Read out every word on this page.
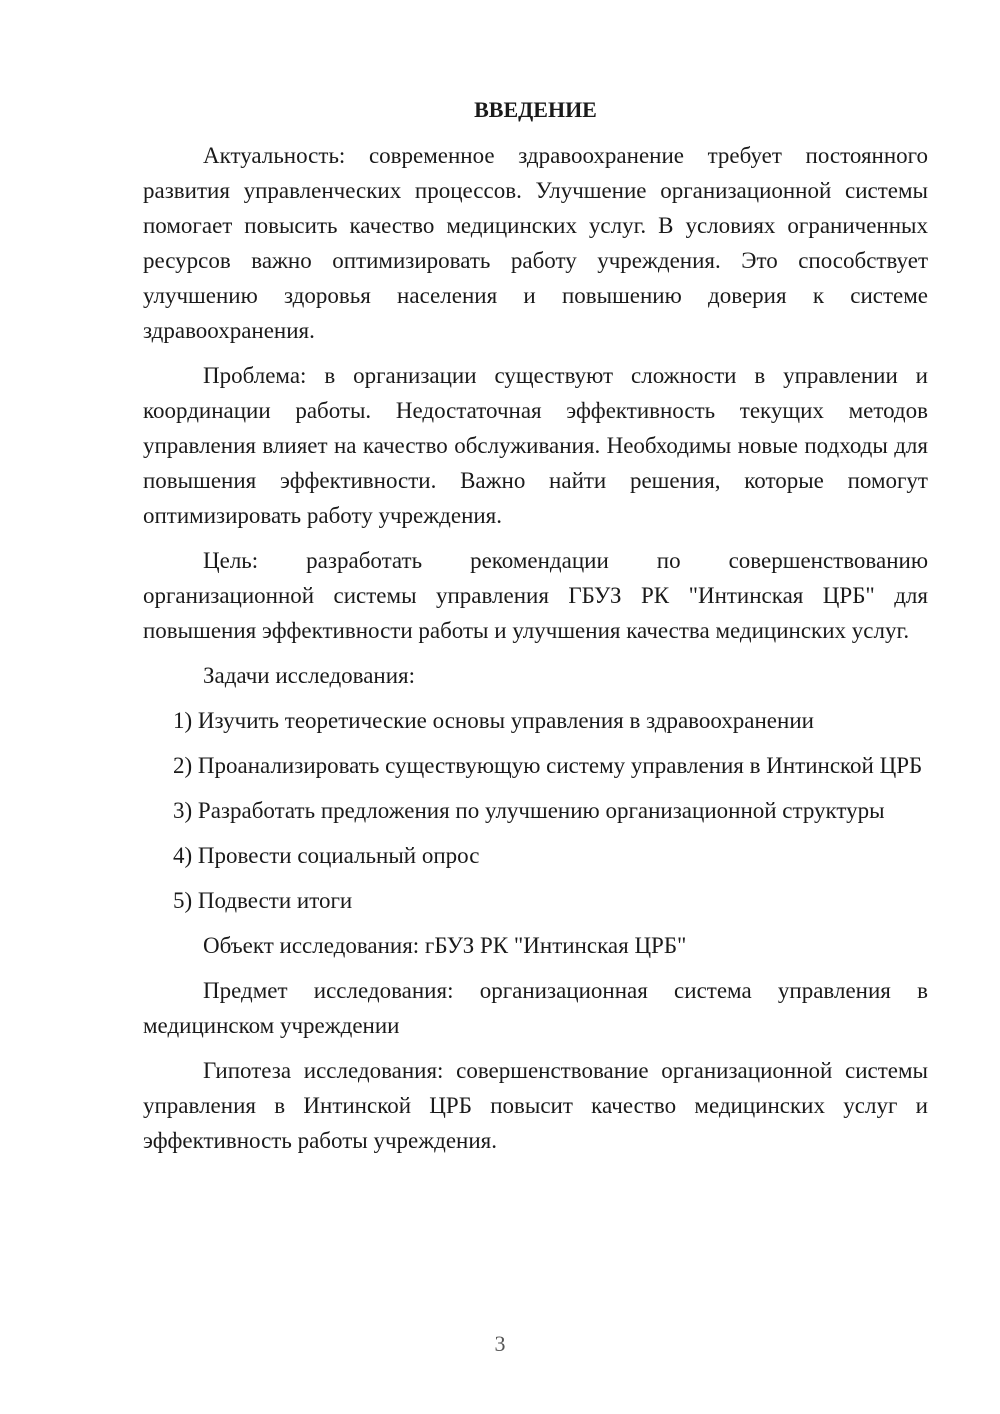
ВВЕДЕНИЕ

Актуальность: современное здравоохранение требует постоянного развития управленческих процессов. Улучшение организационной системы помогает повысить качество медицинских услуг. В условиях ограниченных ресурсов важно оптимизировать работу учреждения. Это способствует улучшению здоровья населения и повышению доверия к системе здравоохранения.

Проблема: в организации существуют сложности в управлении и координации работы. Недостаточная эффективность текущих методов управления влияет на качество обслуживания. Необходимы новые подходы для повышения эффективности. Важно найти решения, которые помогут оптимизировать работу учреждения.

Цель: разработать рекомендации по совершенствованию организационной системы управления ГБУЗ РК "Интинская ЦРБ" для повышения эффективности работы и улучшения качества медицинских услуг.

Задачи исследования:

1) Изучить теоретические основы управления в здравоохранении

2) Проанализировать существующую систему управления в Интинской ЦРБ

3) Разработать предложения по улучшению организационной структуры

4) Провести социальный опрос

5) Подвести итоги

Объект исследования: гБУЗ РК "Интинская ЦРБ"

Предмет исследования: организационная система управления в медицинском учреждении

Гипотеза исследования: совершенствование организационной системы управления в Интинской ЦРБ повысит качество медицинских услуг и эффективность работы учреждения.

3
